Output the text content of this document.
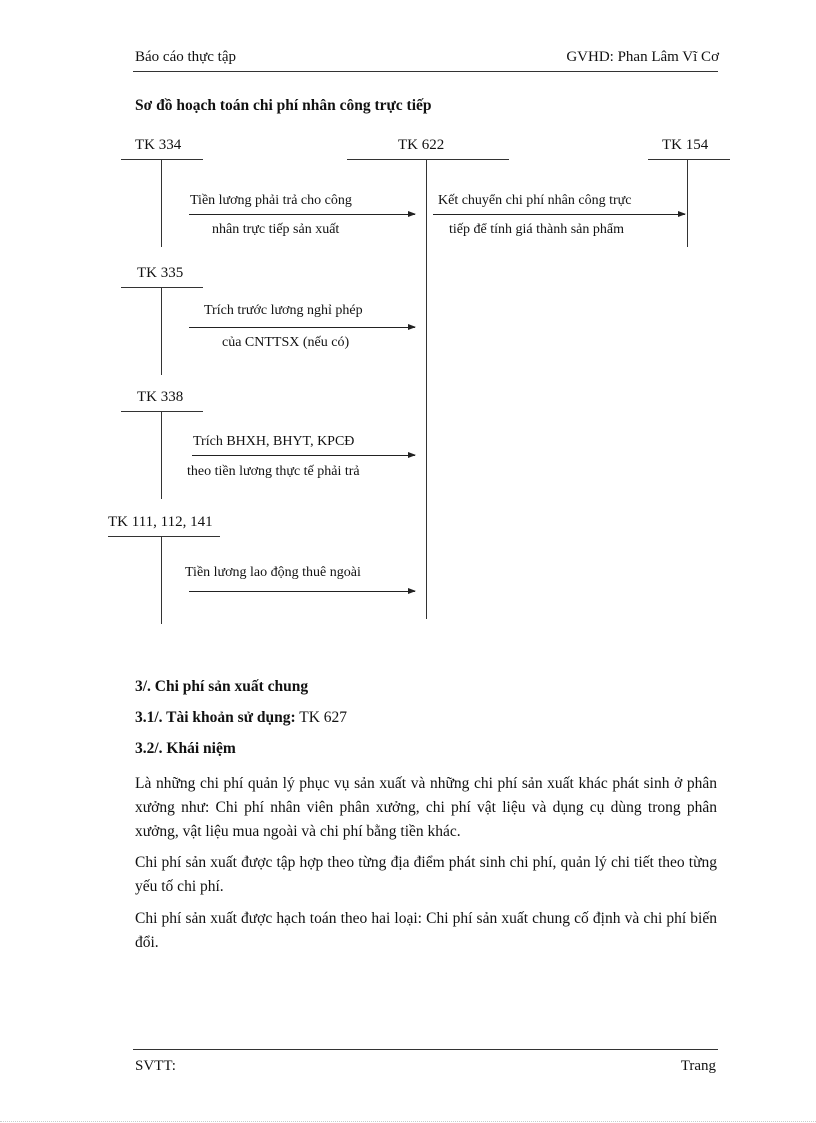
Báo cáo thực tập	GVHD: Phan Lâm Vĩ Cơ
Sơ đồ hoạch toán chi phí nhân công trực tiếp
TK 334	TK 622	TK 154
TK 335
TK 338
TK 111, 112, 141
Tiền lương phải trả cho công
nhân trực tiếp sản xuất
Kết chuyển chi phí nhân công trực
tiếp để tính giá thành sản phẩm
Trích trước lương nghỉ phép
của CNTTSX (nếu có)
Trích BHXH, BHYT, KPCĐ
theo tiền lương thực tế phải trả
Tiền lương lao động thuê ngoài
3/. Chi phí sản xuất chung
3.1/. Tài khoản sử dụng: TK 627
3.2/. Khái niệm
Là những chi phí quản lý phục vụ sản xuất và những chi phí sản xuất khác phát sinh ở phân xưởng như: Chi phí nhân viên phân xưởng, chi phí vật liệu và dụng cụ dùng trong phân xưởng, vật liệu mua ngoài và chi phí bằng tiền khác.
Chi phí sản xuất được tập hợp theo từng địa điểm phát sinh chi phí, quản lý chi tiết theo từng yếu tố chi phí.
Chi phí sản xuất được hạch toán theo hai loại: Chi phí sản xuất chung cố định và chi phí biến đổi.
SVTT:	Trang
